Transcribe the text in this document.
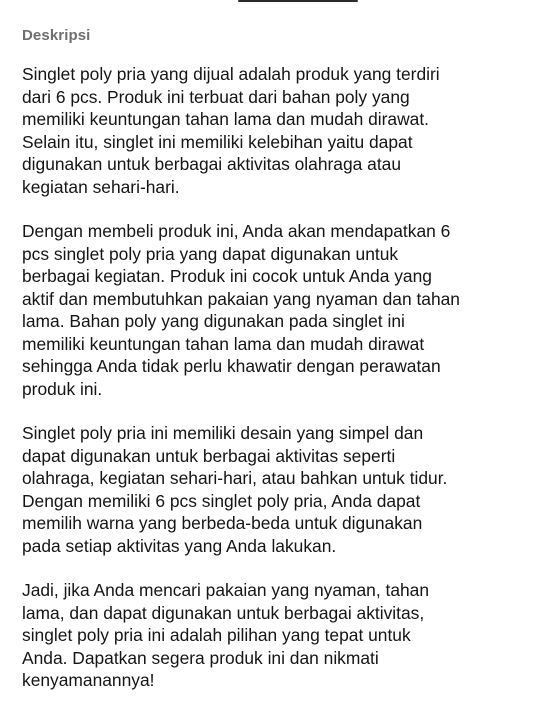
Deskripsi
Singlet poly pria yang dijual adalah produk yang terdiri
dari 6 pcs. Produk ini terbuat dari bahan poly yang
memiliki keuntungan tahan lama dan mudah dirawat.
Selain itu, singlet ini memiliki kelebihan yaitu dapat
digunakan untuk berbagai aktivitas olahraga atau
kegiatan sehari-hari.
Dengan membeli produk ini, Anda akan mendapatkan 6
pcs singlet poly pria yang dapat digunakan untuk
berbagai kegiatan. Produk ini cocok untuk Anda yang
aktif dan membutuhkan pakaian yang nyaman dan tahan
lama. Bahan poly yang digunakan pada singlet ini
memiliki keuntungan tahan lama dan mudah dirawat
sehingga Anda tidak perlu khawatir dengan perawatan
produk ini.
Singlet poly pria ini memiliki desain yang simpel dan
dapat digunakan untuk berbagai aktivitas seperti
olahraga, kegiatan sehari-hari, atau bahkan untuk tidur.
Dengan memiliki 6 pcs singlet poly pria, Anda dapat
memilih warna yang berbeda-beda untuk digunakan
pada setiap aktivitas yang Anda lakukan.
Jadi, jika Anda mencari pakaian yang nyaman, tahan
lama, dan dapat digunakan untuk berbagai aktivitas,
singlet poly pria ini adalah pilihan yang tepat untuk
Anda. Dapatkan segera produk ini dan nikmati
kenyamanannya!
